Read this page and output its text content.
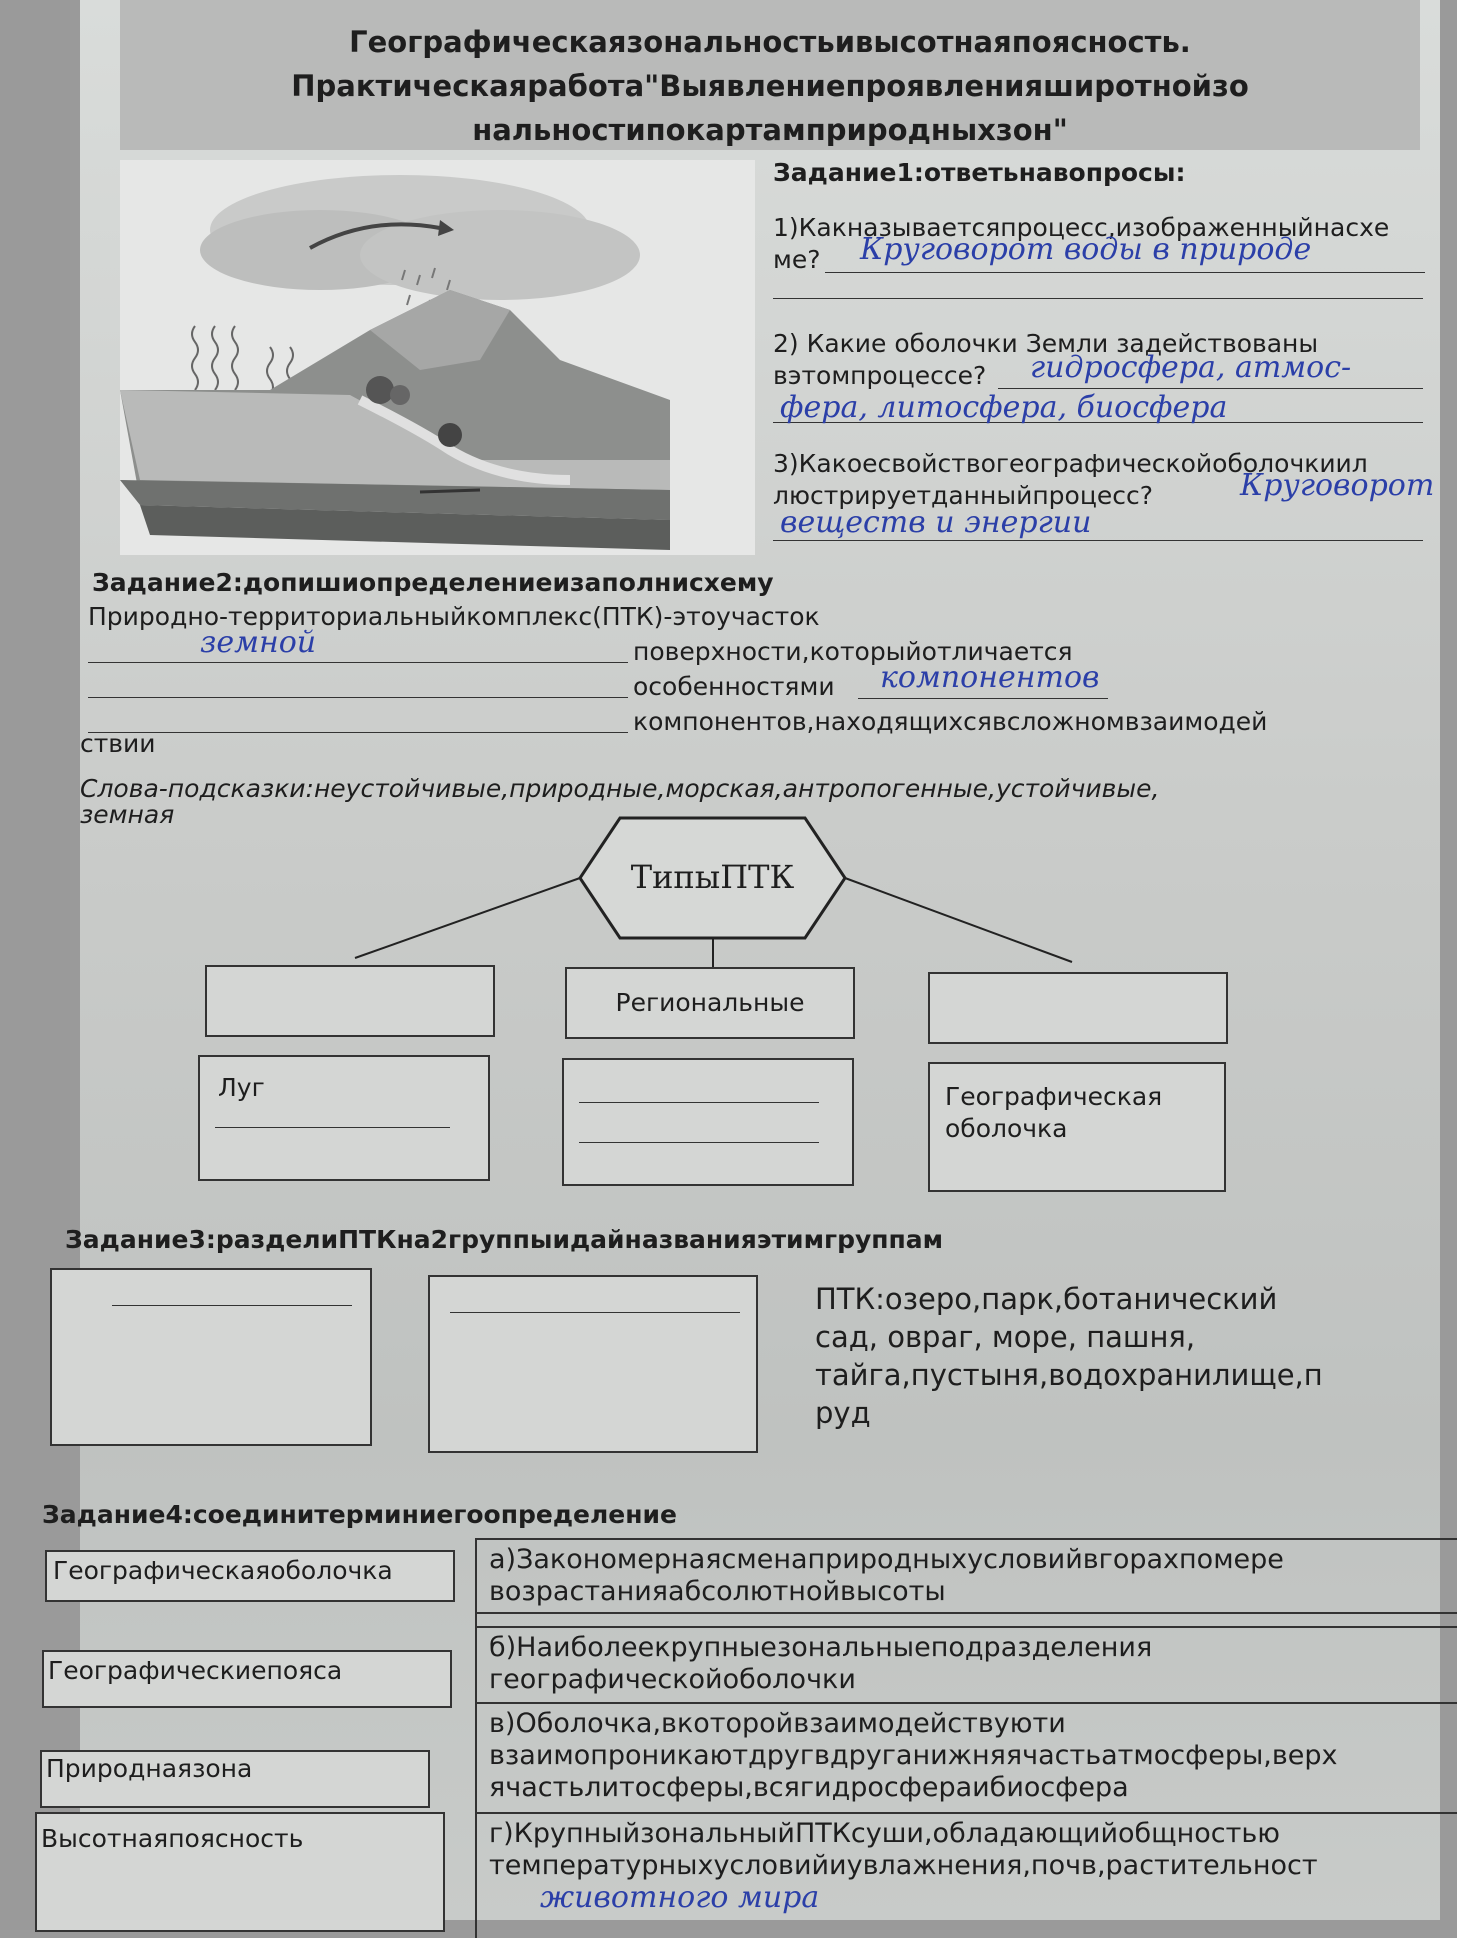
Географическаязональностьивысотнаяпоясность.
Практическаяработа"Выявлениепроявленияширотнойзо
нальностипокартамприродныхзон"
Задание1:ответьнавопросы:
1)Какназываетсяпроцесс,изображенныйнасхе
ме?	Круговорот воды в природе
2) Какие оболочки Земли задействованы
вэтомпроцессе?	гидросфера, атмос-
фера, литосфера, биосфера
3)Какоесвойствогеографическойоболочкиил
люстрируетданныйпроцесс?	Круговорот
веществ и энергии
Задание2:допишиопределениеизаполнисхему
Природно-территориальныйкомплекс(ПТК)-этоучасток
земной	поверхности,которыйотличается
особенностями компонентов
компонентов,находящихсявсложномвзаимодей
ствии
Слова-подсказки:неустойчивые,природные,морская,антропогенные,устойчивые,
земная
ТипыПТК
Региональные
Луг	Географическая
оболочка
Задание3:разделиПТКна2группыидайназванияэтимгруппам
ПТК:озеро,парк,ботанический
сад, овраг, море, пашня,
тайга,пустыня,водохранилище,п
руд
Задание4:соединитерминиегоопределение
Географическаяоболочка
Географическиепояса
Природнаязона
Высотнаяпоясность
а)Закономернаясменаприродныхусловийвгорахпомере
возрастанияабсолютнойвысоты
б)Наиболеекрупныезональныеподразделения
географическойоболочки
в)Оболочка,вкоторойвзаимодействуюти
взаимопроникаютдругвдруганижняячастьатмосферы,верх
ячастьлитосферы,всягидросфераибиосфера
г)КрупныйзональныйПТКсуши,обладающийобщностью
температурныхусловийиувлажнения,почв,растительност
животного мира
